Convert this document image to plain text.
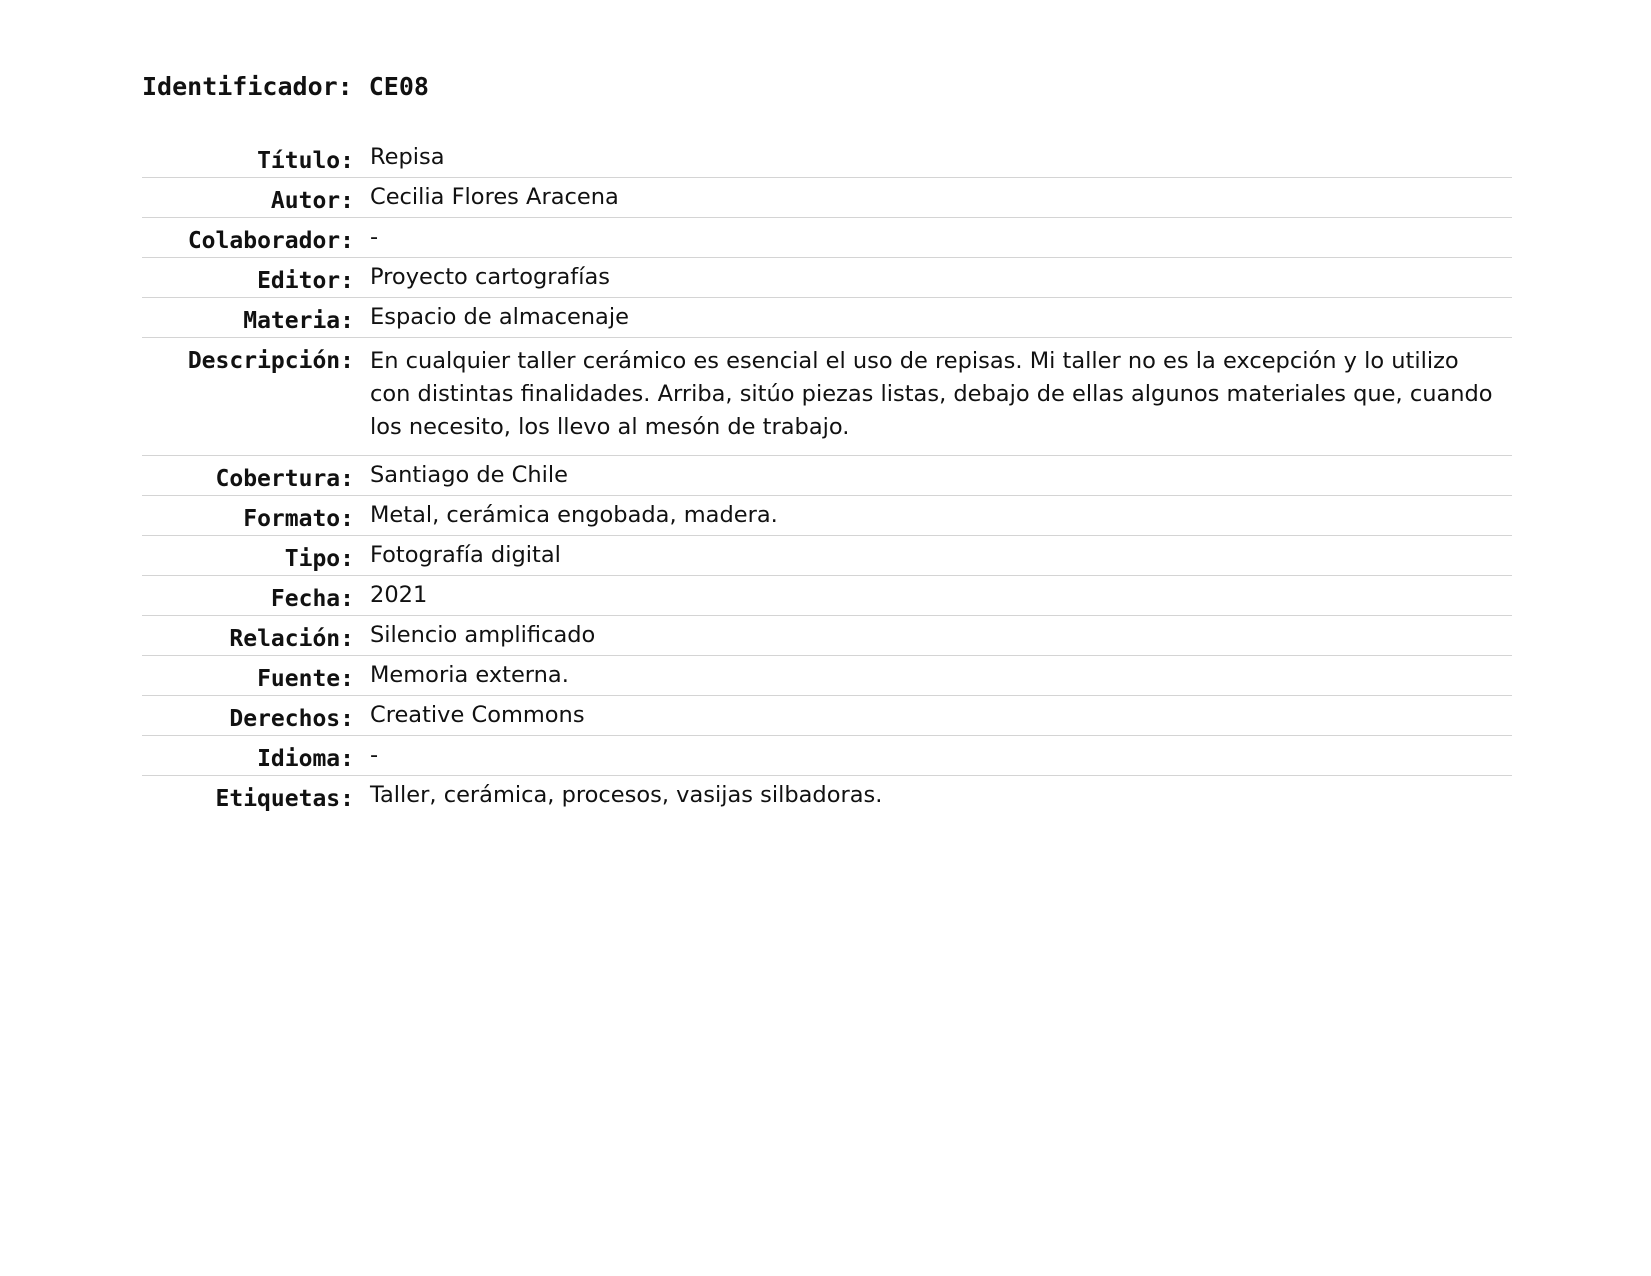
Identificador: CE08
Título: Repisa
Autor: Cecilia Flores Aracena
Colaborador: -
Editor: Proyecto cartografías
Materia: Espacio de almacenaje
Descripción: En cualquier taller cerámico es esencial el uso de repisas. Mi taller no es la excepción y lo utilizo con distintas finalidades. Arriba, sitúo piezas listas, debajo de ellas algunos materiales que, cuando los necesito, los llevo al mesón de trabajo.
Cobertura: Santiago de Chile
Formato: Metal, cerámica engobada, madera.
Tipo: Fotografía digital
Fecha: 2021
Relación: Silencio amplificado
Fuente: Memoria externa.
Derechos: Creative Commons
Idioma: -
Etiquetas: Taller, cerámica, procesos, vasijas silbadoras.
